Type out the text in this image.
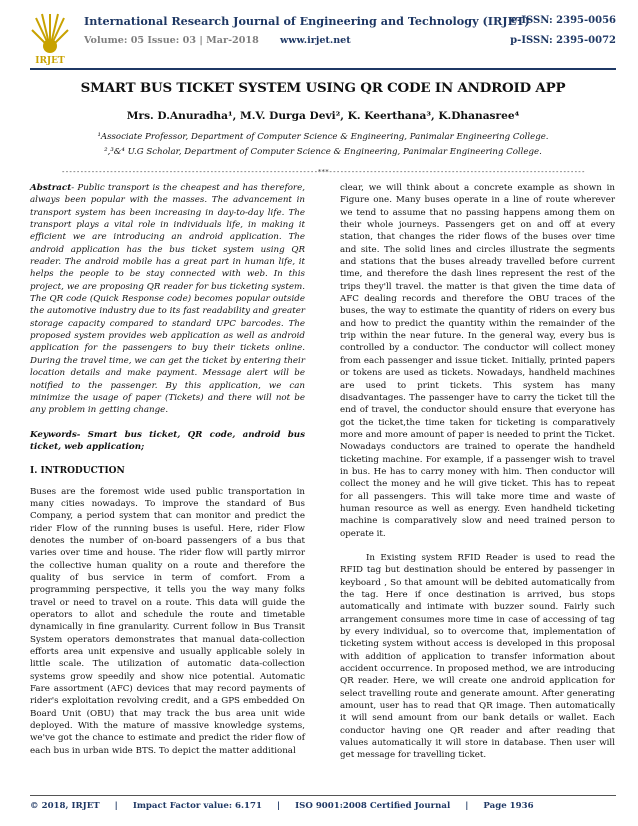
IRJET
International Research Journal of Engineering and Technology (IRJET)
e-ISSN: 2395-0056
Volume: 05 Issue: 03 | Mar-2018 www.irjet.net	p-ISSN: 2395-0072
SMART BUS TICKET SYSTEM USING QR CODE IN ANDROID APP
Mrs. D.Anuradha¹, M.V. Durga Devi², K. Keerthana³, K.Dhanasree⁴
¹Associate Professor, Department of Computer Science & Engineering, Panimalar Engineering College.
²,³&⁴ U.G Scholar, Department of Computer Science & Engineering, Panimalar Engineering College.
---------------------------------------------------------------------***---------------------------------------------------------------------

Abstract- Public transport is the cheapest and has therefore, always been popular with the masses. The advancement in transport system has been increasing in day-to-day life. The transport plays a vital role in individuals life, in making it efficient we are introducing an android application. The android application has the bus ticket system using QR reader. The android mobile has a great part in human life, it helps the people to be stay connected with web. In this project, we are proposing QR reader for bus ticketing system. The QR code (Quick Response code) becomes popular outside the automotive industry due to its fast readability and greater storage capacity compared to standard UPC barcodes. The proposed system provides web application as well as android application for the passengers to buy their tickets online. During the travel time, we can get the ticket by entering their location details and make payment. Message alert will be notified to the passenger. By this application, we can minimize the usage of paper (Tickets) and there will not be any problem in getting change.

Keywords- Smart bus ticket, QR code, android bus ticket, web application;

I. INTRODUCTION

Buses are the foremost wide used public transportation in many cities nowadays. To improve the standard of Bus Company, a period system that can monitor and predict the rider Flow of the running buses is useful. Here, rider Flow denotes the number of on-board passengers of a bus that varies over time and house. The rider flow will partly mirror the collective human quality on a route and therefore the quality of bus service in term of comfort. From a programming perspective, it tells you the way many folks travel or need to travel on a route. This data will guide the operators to allot and schedule the route and timetable dynamically in fine granularity. Current follow in Bus Transit System operators demonstrates that manual data-collection efforts area unit expensive and usually applicable solely in little scale. The utilization of automatic data-collection systems grow speedily and show nice potential. Automatic Fare assortment (AFC) devices that may record payments of rider's exploitation revolving credit, and a GPS embedded On Board Unit (OBU) that may track the bus area unit wide deployed. With the mature of massive knowledge systems, we've got the chance to estimate and predict the rider flow of each bus in urban wide BTS. To depict the matter additional

clear, we will think about a concrete example as shown in Figure one. Many buses operate in a line of route wherever we tend to assume that no passing happens among them on their whole journeys. Passengers get on and off at every station, that changes the rider flows of the buses over time and site. The solid lines and circles illustrate the segments and stations that the buses already travelled before current time, and therefore the dash lines represent the rest of the trips they'll travel. the matter is that given the time data of AFC dealing records and therefore the OBU traces of the buses, the way to estimate the quantity of riders on every bus and how to predict the quantity within the remainder of the trip within the near future. In the general way, every bus is controlled by a conductor. The conductor will collect money from each passenger and issue ticket. Initially, printed papers or tokens are used as tickets. Nowadays, handheld machines are used to print tickets. This system has many disadvantages. The passenger have to carry the ticket till the end of travel, the conductor should ensure that everyone has got the ticket,the time taken for ticketing is comparatively more and more amount of paper is needed to print the Ticket. Nowadays conductors are trained to operate the handheld ticketing machine. For example, if a passenger wish to travel in bus. He has to carry money with him. Then conductor will collect the money and he will give ticket. This has to repeat for all passengers. This will take more time and waste of human resource as well as energy. Even handheld ticketing machine is comparatively slow and need trained person to operate it.

In Existing system RFID Reader is used to read the RFID tag but destination should be entered by passenger in keyboard , So that amount will be debited automatically from the tag. Here if once destination is arrived, bus stops automatically and intimate with buzzer sound. Fairly such arrangement consumes more time in case of accessing of tag by every individual, so to overcome that, implementation of ticketing system without access is developed in this proposal with addition of application to transfer information about accident occurrence. In proposed method, we are introducing QR reader. Here, we will create one android application for select travelling route and generate amount. After generating amount, user has to read that QR image. Then automatically it will send amount from our bank details or wallet. Each conductor having one QR reader and after reading that values automatically it will store in database. Then user will get message for travelling ticket.

© 2018, IRJET | Impact Factor value: 6.171 | ISO 9001:2008 Certified Journal | Page 1936
